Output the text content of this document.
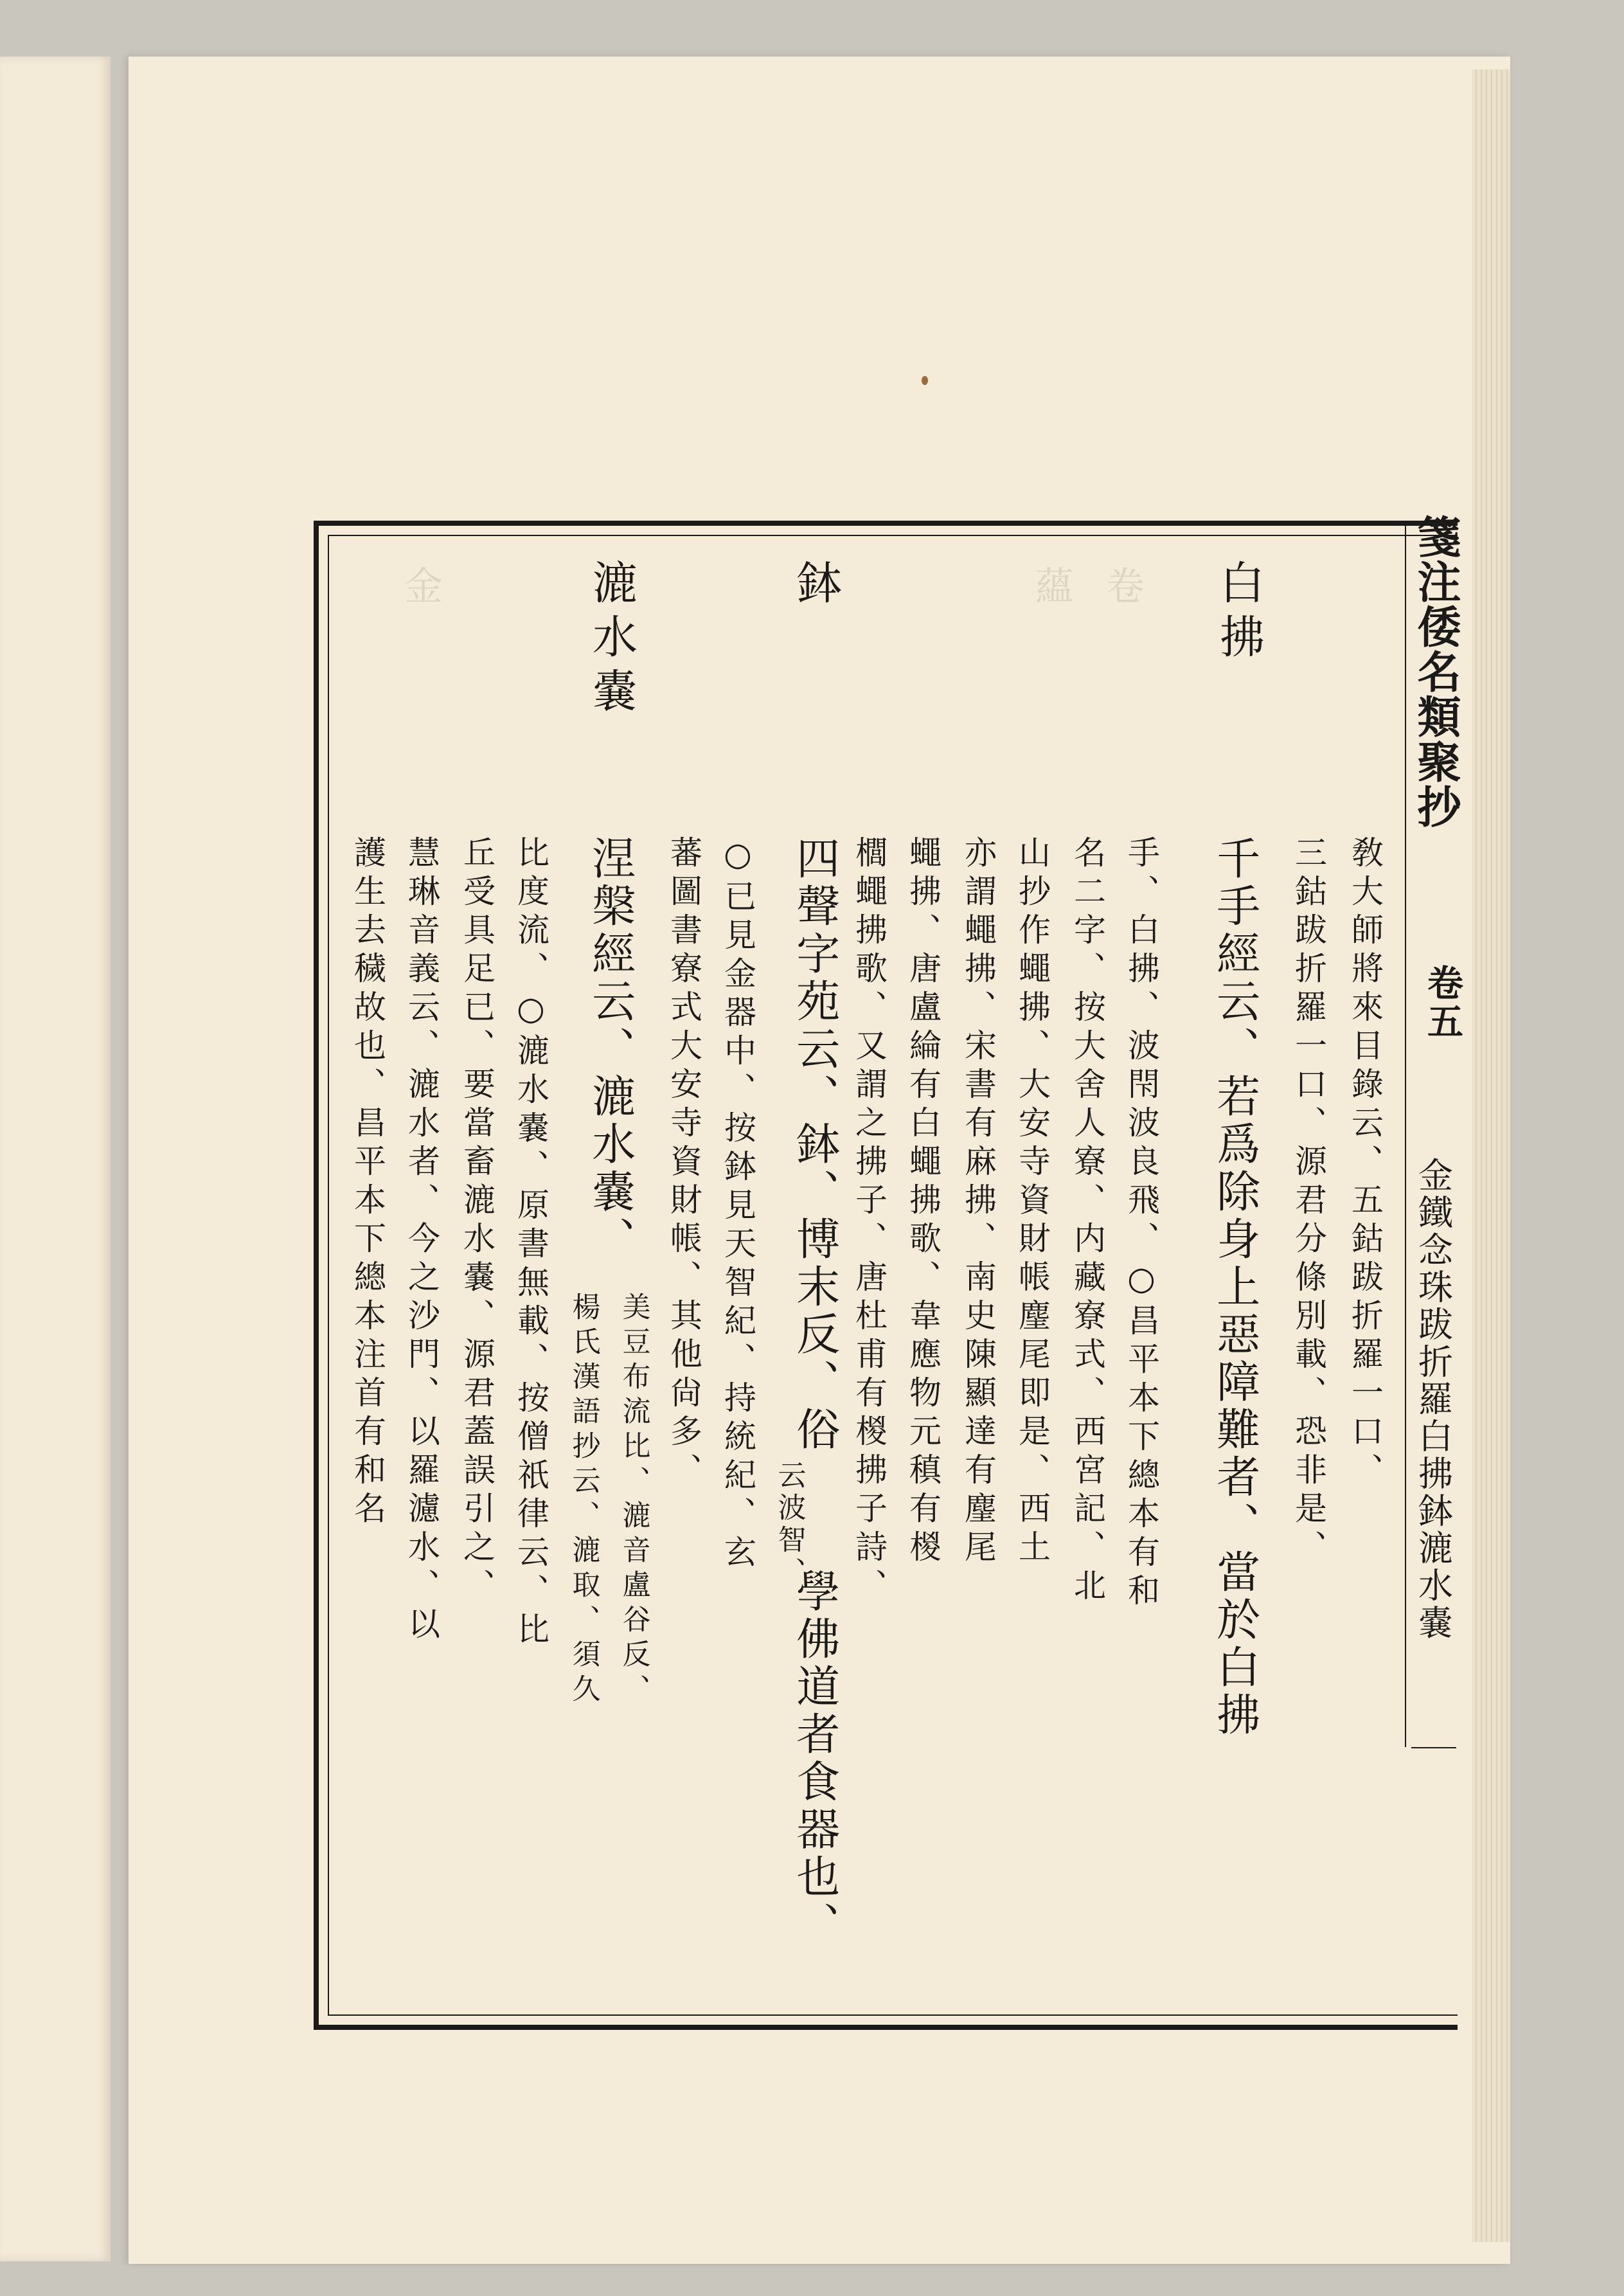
卷
蘊
金	箋注倭名類聚抄
卷五
金鐵念珠跋折羅白拂鉢漉水嚢
敎大師將來目錄云、五鈷跋折羅一口、
三鈷跋折羅一口、源君分條別載、恐非是、
白拂
千手經云、若爲除身上惡障難者、當於白拂
手、白拂、波閇波良飛、○昌平本下總本有和
名二字、按大舍人寮、内藏寮式、西宮記、北
山抄作蠅拂、大安寺資財帳麈尾即是、西土
亦謂蠅拂、宋書有麻拂、南史陳顯達有麈尾
蠅拂、唐盧綸有白蠅拂歌、韋應物元稹有椶
櫚蠅拂歌、又謂之拂子、唐杜甫有椶拂子詩、
鉢
四聲字苑云、鉢、博末反、俗
云波智、
學佛道者食器也、
○已見金器中、按鉢見天智紀、持統紀、玄
蕃圖書寮式大安寺資財帳、其他尙多、
漉水嚢
涅槃經云、漉水嚢、
美豆布流比、漉音盧谷反、
楊氏漢語抄云、漉取、須久
比度流、○漉水嚢、原書無載、按僧祇律云、比
丘受具足已、要當畜漉水嚢、源君蓋誤引之、
慧琳音義云、漉水者、今之沙門、以羅濾水、以
護生去穢故也、昌平本下總本注首有和名
